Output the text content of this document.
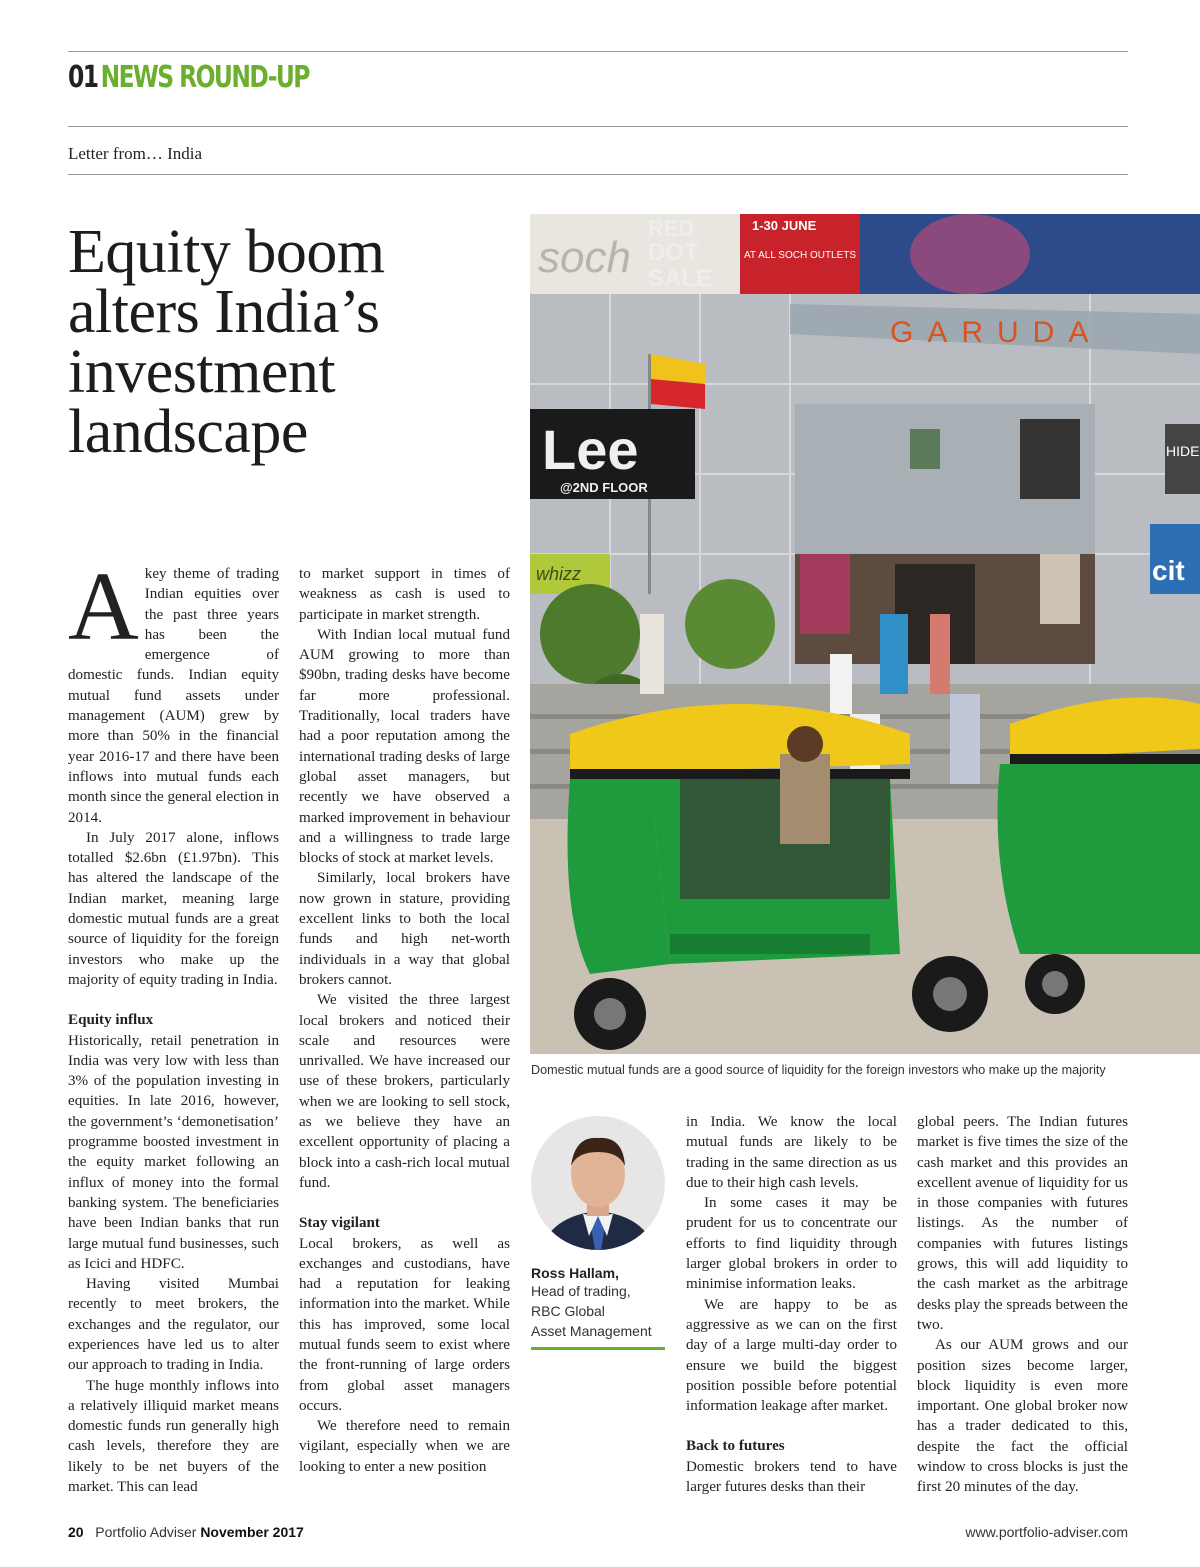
01 NEWS ROUND-UP
Letter from… India
Equity boom alters India’s investment landscape

Akey theme of trading Indian equities over the past three years has been the emergence of domestic funds. Indian equity mutual fund assets under management (AUM) grew by more than 50% in the financial year 2016-17 and there have been inflows into mutual funds each month since the general election in 2014.

In July 2017 alone, inflows totalled $2.6bn (£1.97bn). This has altered the landscape of the Indian market, meaning large domestic mutual funds are a great source of liquidity for the foreign investors who make up the majority of equity trading in India.

Equity influx

Historically, retail penetration in India was very low with less than 3% of the population investing in equities. In late 2016, however, the government’s ‘demonetisation’ programme boosted investment in the equity market following an influx of money into the formal banking system. The beneficiaries have been Indian banks that run large mutual fund businesses, such as Icici and HDFC.

Having visited Mumbai recently to meet brokers, the exchanges and the regulator, our experiences have led us to alter our approach to trading in India.

The huge monthly inflows into a relatively illiquid market means domestic funds run generally high cash levels, therefore they are likely to be net buyers of the market. This can lead

to market support in times of weakness as cash is used to participate in market strength.

With Indian local mutual fund AUM growing to more than $90bn, trading desks have become far more professional. Traditionally, local traders have had a poor reputation among the international trading desks of large global asset managers, but recently we have observed a marked improvement in behaviour and a willingness to trade large blocks of stock at market levels.

Similarly, local brokers have now grown in stature, providing excellent links to both the local funds and high net-worth individuals in a way that global brokers cannot.

We visited the three largest local brokers and noticed their scale and resources were unrivalled. We have increased our use of these brokers, particularly when we are looking to sell stock, as we believe they have an excellent opportunity of placing a block into a cash-rich local mutual fund.

Stay vigilant

Local brokers, as well as exchanges and custodians, have had a reputation for leaking information into the market. While this has improved, some local mutual funds seem to exist where the front-running of large orders from global asset managers occurs.

We therefore need to remain vigilant, especially when we are looking to enter a new position

soch
RED
DOT
SALE
1-30 JUNE
AT ALL SOCH OUTLETS
GARUDA
Lee
@2ND FLOOR
HIDE
cit
whizz
Domestic mutual funds are a good source of liquidity for the foreign investors who make up the majority
Ross Hallam,
Head of trading,
RBC Global
Asset Management

in India. We know the local mutual funds are likely to be trading in the same direction as us due to their high cash levels.

In some cases it may be prudent for us to concentrate our efforts to find liquidity through larger global brokers in order to minimise information leaks.

We are happy to be as aggressive as we can on the first day of a large multi-day order to ensure we build the biggest position possible before potential information leakage after market.

Back to futures

Domestic brokers tend to have larger futures desks than their

global peers. The Indian futures market is five times the size of the cash market and this provides an excellent avenue of liquidity for us in those companies with futures listings. As the number of companies with futures listings grows, this will add liquidity to the cash market as the arbitrage desks play the spreads between the two.

As our AUM grows and our position sizes become larger, block liquidity is even more important. One global broker now has a trader dedicated to this, despite the fact the official window to cross blocks is just the first 20 minutes of the day.

20 Portfolio Adviser November 2017	www.portfolio-adviser.com
